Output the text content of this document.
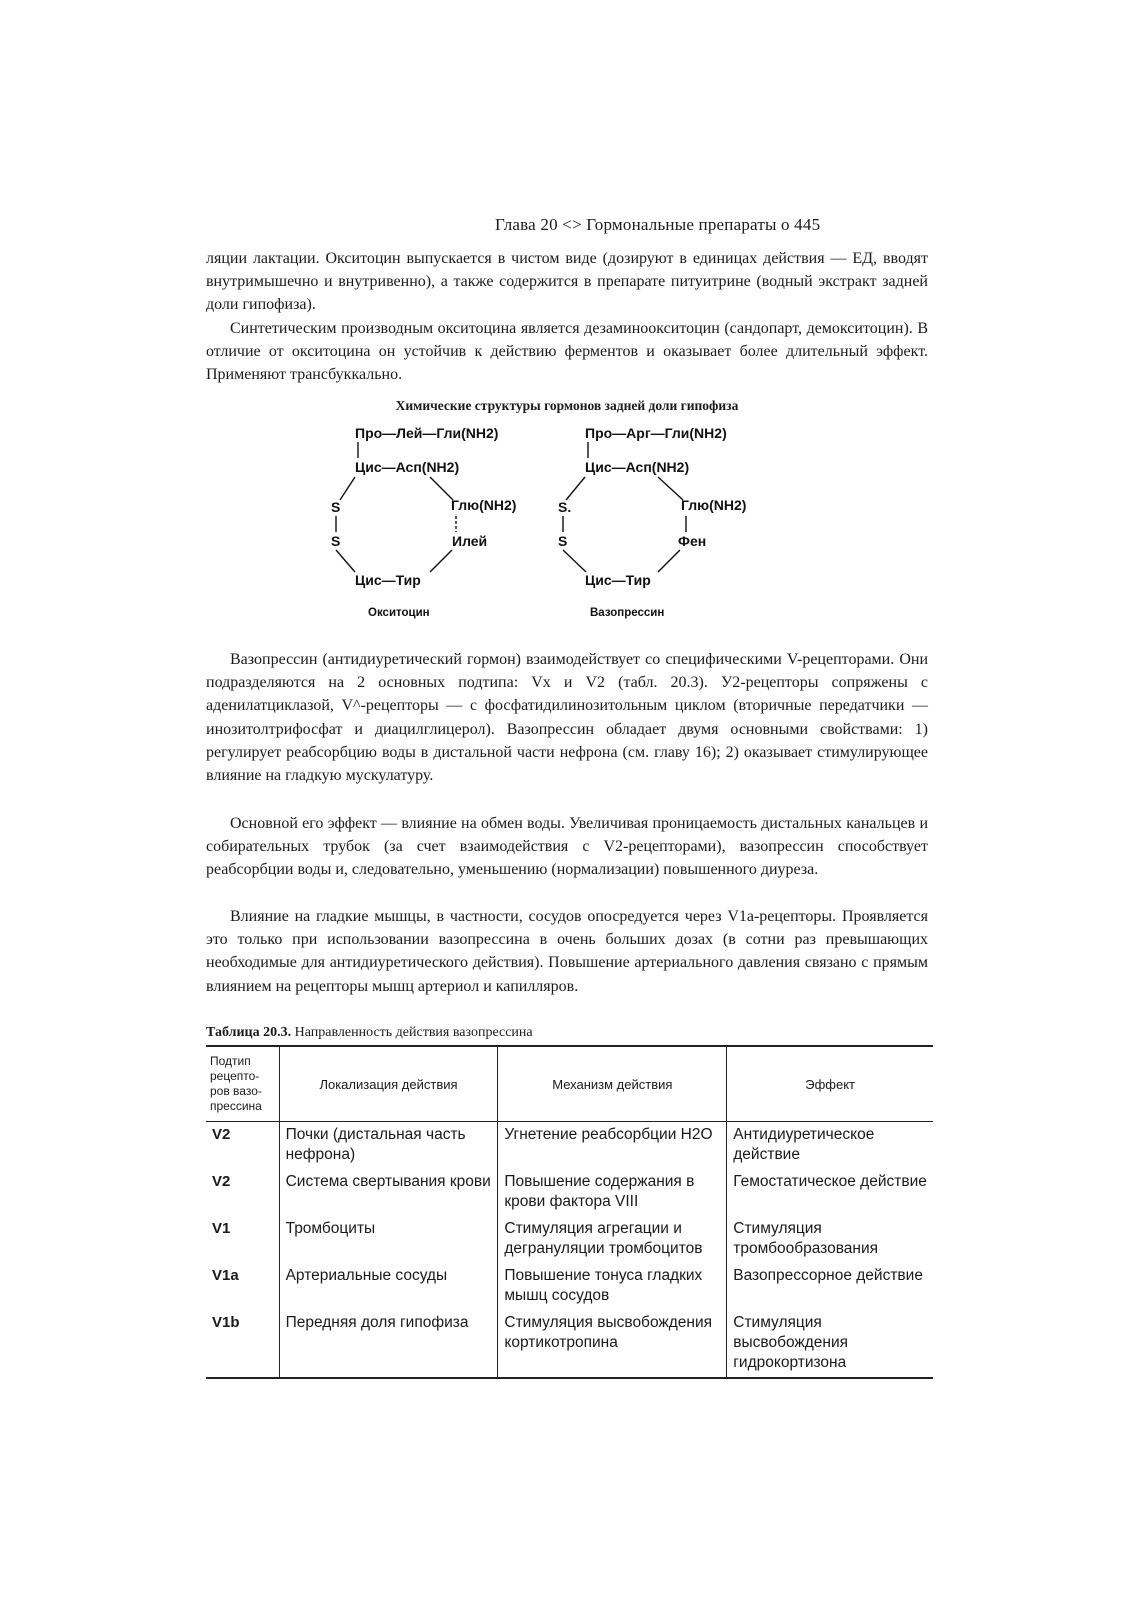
Глава 20 <> Гормональные препараты о 445

ляции лактации. Окситоцин выпускается в чистом виде (дозируют в единицах действия — ЕД, вводят внутримышечно и внутривенно), а также содержится в препарате питуитрине (водный экстракт задней доли гипофиза).

Синтетическим производным окситоцина является дезаминоокситоцин (сандопарт, демокситоцин). В отличие от окситоцина он устойчив к действию ферментов и оказывает более длительный эффект. Применяют трансбуккально.

Химические структуры гормонов задней доли гипофиза
Про—Лей—Гли(NH2)
Цис—Асп(NH2)
S
S
Глю(NH2)
Илей
Цис—Тир
Окситоцин
Про—Арг—Гли(NH2)
Цис—Асп(NH2)
S.
S
Глю(NH2)
Фен
Цис—Тир
Вазопрессин

Вазопрессин (антидиуретический гормон) взаимодействует со специфическими V-рецепторами. Они подразделяются на 2 основных подтипа: Vx и V2 (табл. 20.3). У2-рецепторы сопряжены с аденилатциклазой, V^-рецепторы — с фосфатидилинозитольным циклом (вторичные передатчики — инозитолтрифосфат и диацилглицерол). Вазопрессин обладает двумя основными свойствами: 1) регулирует реабсорбцию воды в дистальной части нефрона (см. главу 16); 2) оказывает стимулирующее влияние на гладкую мускулатуру.

Основной его эффект — влияние на обмен воды. Увеличивая проницаемость дистальных канальцев и собирательных трубок (за счет взаимодействия с V2-рецепторами), вазопрессин способствует реабсорбции воды и, следовательно, уменьшению (нормализации) повышенного диуреза.

Влияние на гладкие мышцы, в частности, сосудов опосредуется через V1a-рецепторы. Проявляется это только при использовании вазопрессина в очень больших дозах (в сотни раз превышающих необходимые для антидиуретического действия). Повышение артериального давления связано с прямым влиянием на рецепторы мышц артериол и капилляров.

Таблица 20.3. Направленность действия вазопрессина
Подтип рецепто-ров вазо-прессина	Локализация действия	Механизм действия	Эффект
V2	Почки (дистальная часть нефрона)	Угнетение реабсорбции H2O	Антидиуретическое действие
V2	Система свертывания крови	Повышение содержания в крови фактора VIII	Гемостатическое действие
V1	Тромбоциты	Стимуляция агрегации и дегрануляции тромбоцитов	Стимуляция тромбообразования
V1a	Артериальные сосуды	Повышение тонуса гладких мышц сосудов	Вазопрессорное действие
V1b	Передняя доля гипофиза	Стимуляция высвобождения кортикотропина	Стимуляция высвобождения гидрокортизона
